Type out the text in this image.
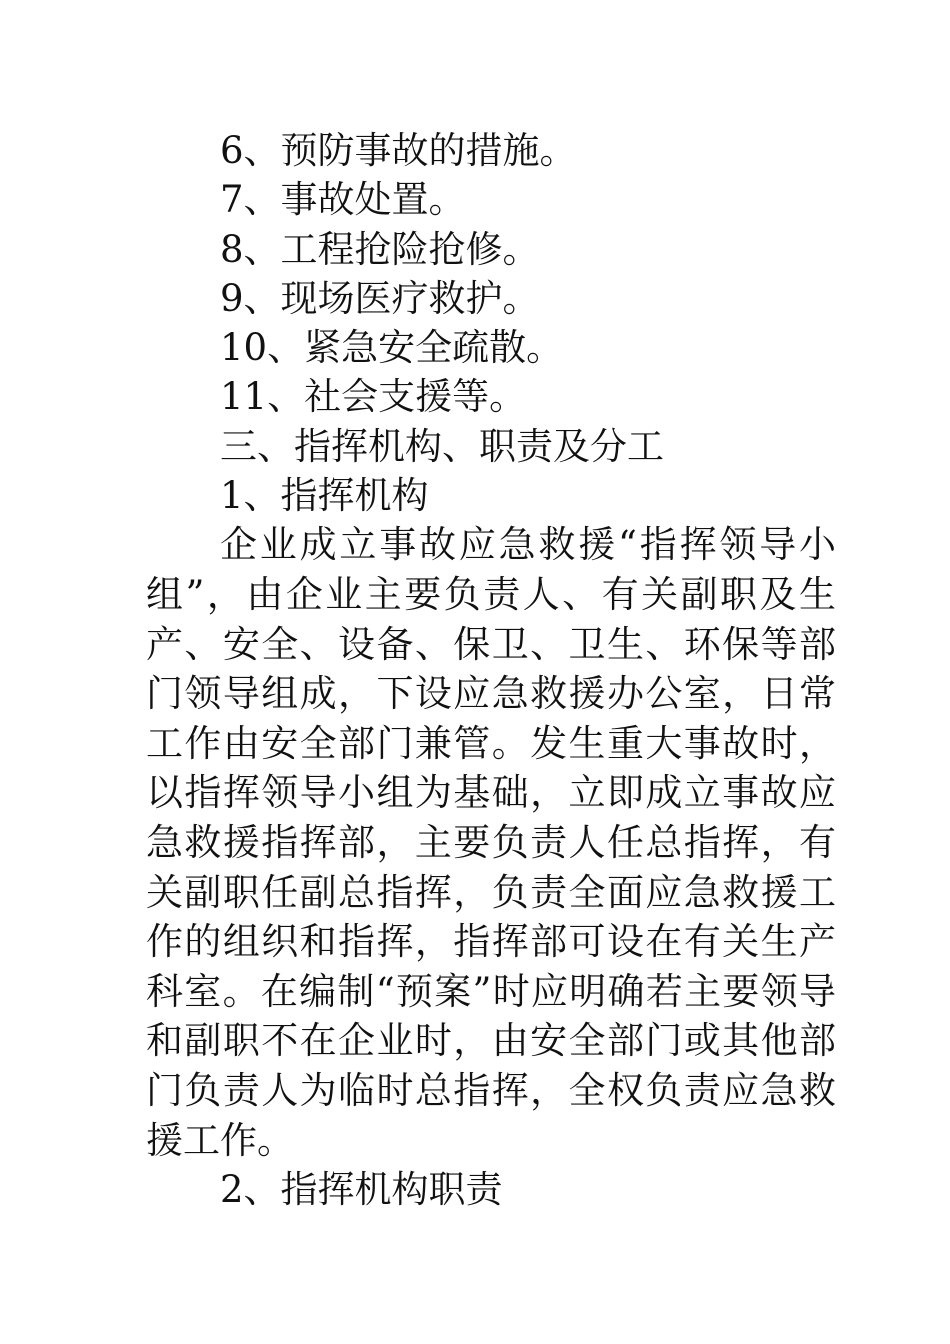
6、预防事故的措施。

7、事故处置。

8、工程抢险抢修。

9、现场医疗救护。

10、紧急安全疏散。

11、社会支援等。

三、指挥机构、职责及分工

1、指挥机构

企业成立事故应急救援“指挥领导小组”，由企业主要负责人、有关副职及生产、安全、设备、保卫、卫生、环保等部门领导组成，下设应急救援办公室，日常工作由安全部门兼管。发生重大事故时，以指挥领导小组为基础，立即成立事故应急救援指挥部，主要负责人任总指挥，有关副职任副总指挥，负责全面应急救援工作的组织和指挥，指挥部可设在有关生产科室。在编制“预案”时应明确若主要领导和副职不在企业时，由安全部门或其他部门负责人为临时总指挥，全权负责应急救援工作。

2、指挥机构职责
